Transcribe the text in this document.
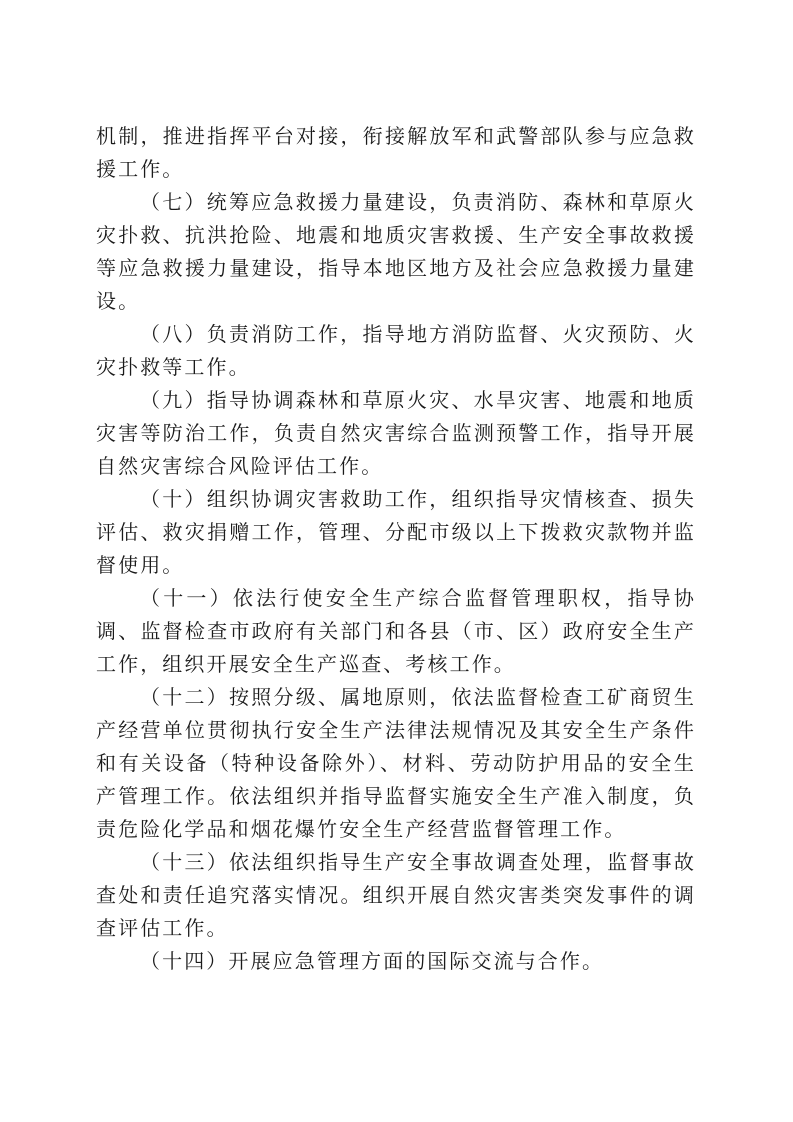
机制，推进指挥平台对接，衔接解放军和武警部队参与应急救援工作。

（七）统筹应急救援力量建设，负责消防、森林和草原火灾扑救、抗洪抢险、地震和地质灾害救援、生产安全事故救援等应急救援力量建设，指导本地区地方及社会应急救援力量建设。

（八）负责消防工作，指导地方消防监督、火灾预防、火灾扑救等工作。

（九）指导协调森林和草原火灾、水旱灾害、地震和地质灾害等防治工作，负责自然灾害综合监测预警工作，指导开展自然灾害综合风险评估工作。

（十）组织协调灾害救助工作，组织指导灾情核查、损失评估、救灾捐赠工作，管理、分配市级以上下拨救灾款物并监督使用。

（十一）依法行使安全生产综合监督管理职权，指导协调、监督检查市政府有关部门和各县（市、区）政府安全生产工作，组织开展安全生产巡查、考核工作。

（十二）按照分级、属地原则，依法监督检查工矿商贸生产经营单位贯彻执行安全生产法律法规情况及其安全生产条件和有关设备（特种设备除外）、材料、劳动防护用品的安全生产管理工作。依法组织并指导监督实施安全生产准入制度，负责危险化学品和烟花爆竹安全生产经营监督管理工作。

（十三）依法组织指导生产安全事故调查处理，监督事故查处和责任追究落实情况。组织开展自然灾害类突发事件的调查评估工作。

（十四）开展应急管理方面的国际交流与合作。
